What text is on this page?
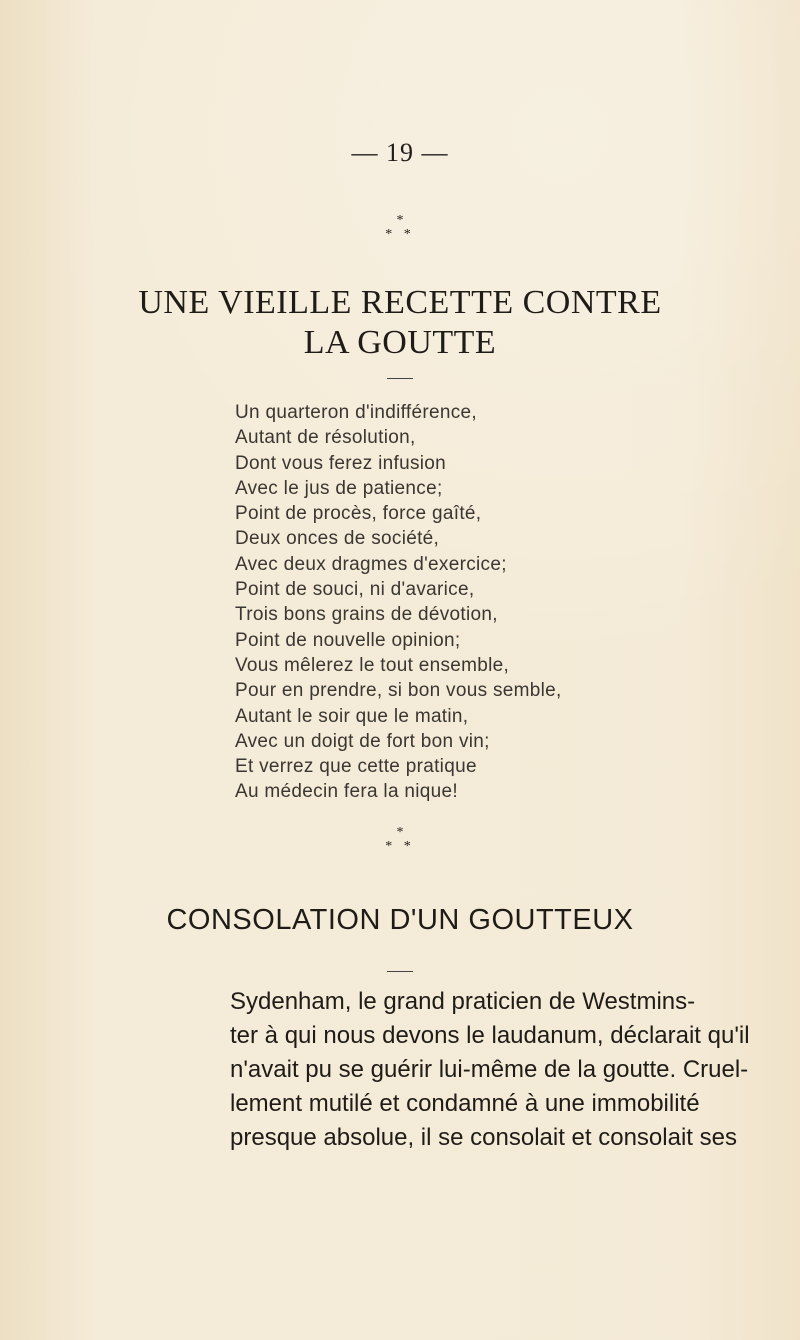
— 19 —
*
* *
UNE VIEILLE RECETTE CONTRE
LA GOUTTE
Un quarteron d'indifférence,
Autant de résolution,
Dont vous ferez infusion
Avec le jus de patience;
Point de procès, force gaîté,
Deux onces de société,
Avec deux dragmes d'exercice;
Point de souci, ni d'avarice,
Trois bons grains de dévotion,
Point de nouvelle opinion;
Vous mêlerez le tout ensemble,
Pour en prendre, si bon vous semble,
Autant le soir que le matin,
Avec un doigt de fort bon vin;
Et verrez que cette pratique
Au médecin fera la nique!
*
* *
CONSOLATION D'UN GOUTTEUX
Sydenham, le grand praticien de Westmins-
ter à qui nous devons le laudanum, déclarait qu'il
n'avait pu se guérir lui-même de la goutte. Cruel-
lement mutilé et condamné à une immobilité
presque absolue, il se consolait et consolait ses
